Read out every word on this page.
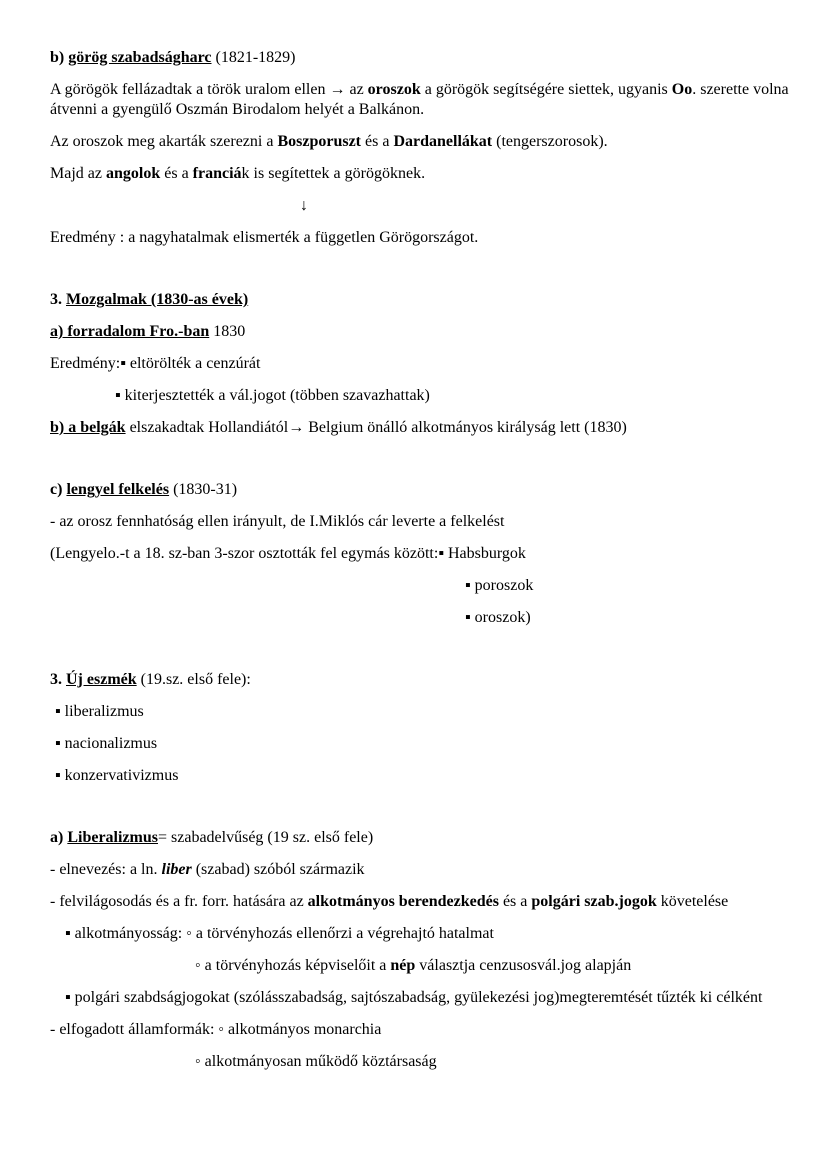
b) görög szabadságharc (1821-1829)

A görögök fellázadtak a török uralom ellen → az oroszok a görögök segítségére siettek, ugyanis Oo. szerette volna átvenni a gyengülő Oszmán Birodalom helyét a Balkánon.

Az oroszok meg akarták szerezni a Boszporuszt és a Dardanellákat (tengerszorosok).

Majd az angolok és a franciák is segítettek a görögöknek.

↓

Eredmény : a nagyhatalmak elismerték a független Görögországot.

3. Mozgalmak (1830-as évek)

a) forradalom Fro.-ban 1830

Eredmény:▪ eltörölték a cenzúrát

▪ kiterjesztették a vál.jogot (többen szavazhattak)

b) a belgák elszakadtak Hollandiától→ Belgium önálló alkotmányos királyság lett (1830)

c) lengyel felkelés (1830-31)

- az orosz fennhatóság ellen irányult, de I.Miklós cár leverte a felkelést

(Lengyelo.-t a 18. sz-ban 3-szor osztották fel egymás között:▪ Habsburgok

▪ poroszok

▪ oroszok)

3. Új eszmék (19.sz. első fele):

▪ liberalizmus

▪ nacionalizmus

▪ konzervativizmus

a) Liberalizmus= szabadelvűség (19 sz. első fele)

- elnevezés: a ln. liber (szabad) szóból származik

- felvilágosodás és a fr. forr. hatására az alkotmányos berendezkedés és a polgári szab.jogok követelése

▪ alkotmányosság: ◦ a törvényhozás ellenőrzi a végrehajtó hatalmat

◦ a törvényhozás képviselőit a nép választja cenzusosvál.jog alapján

▪ polgári szabdságjogokat (szólásszabadság, sajtószabadság, gyülekezési jog)megteremtését tűzték ki célként

- elfogadott államformák: ◦ alkotmányos monarchia

◦ alkotmányosan működő köztársaság
